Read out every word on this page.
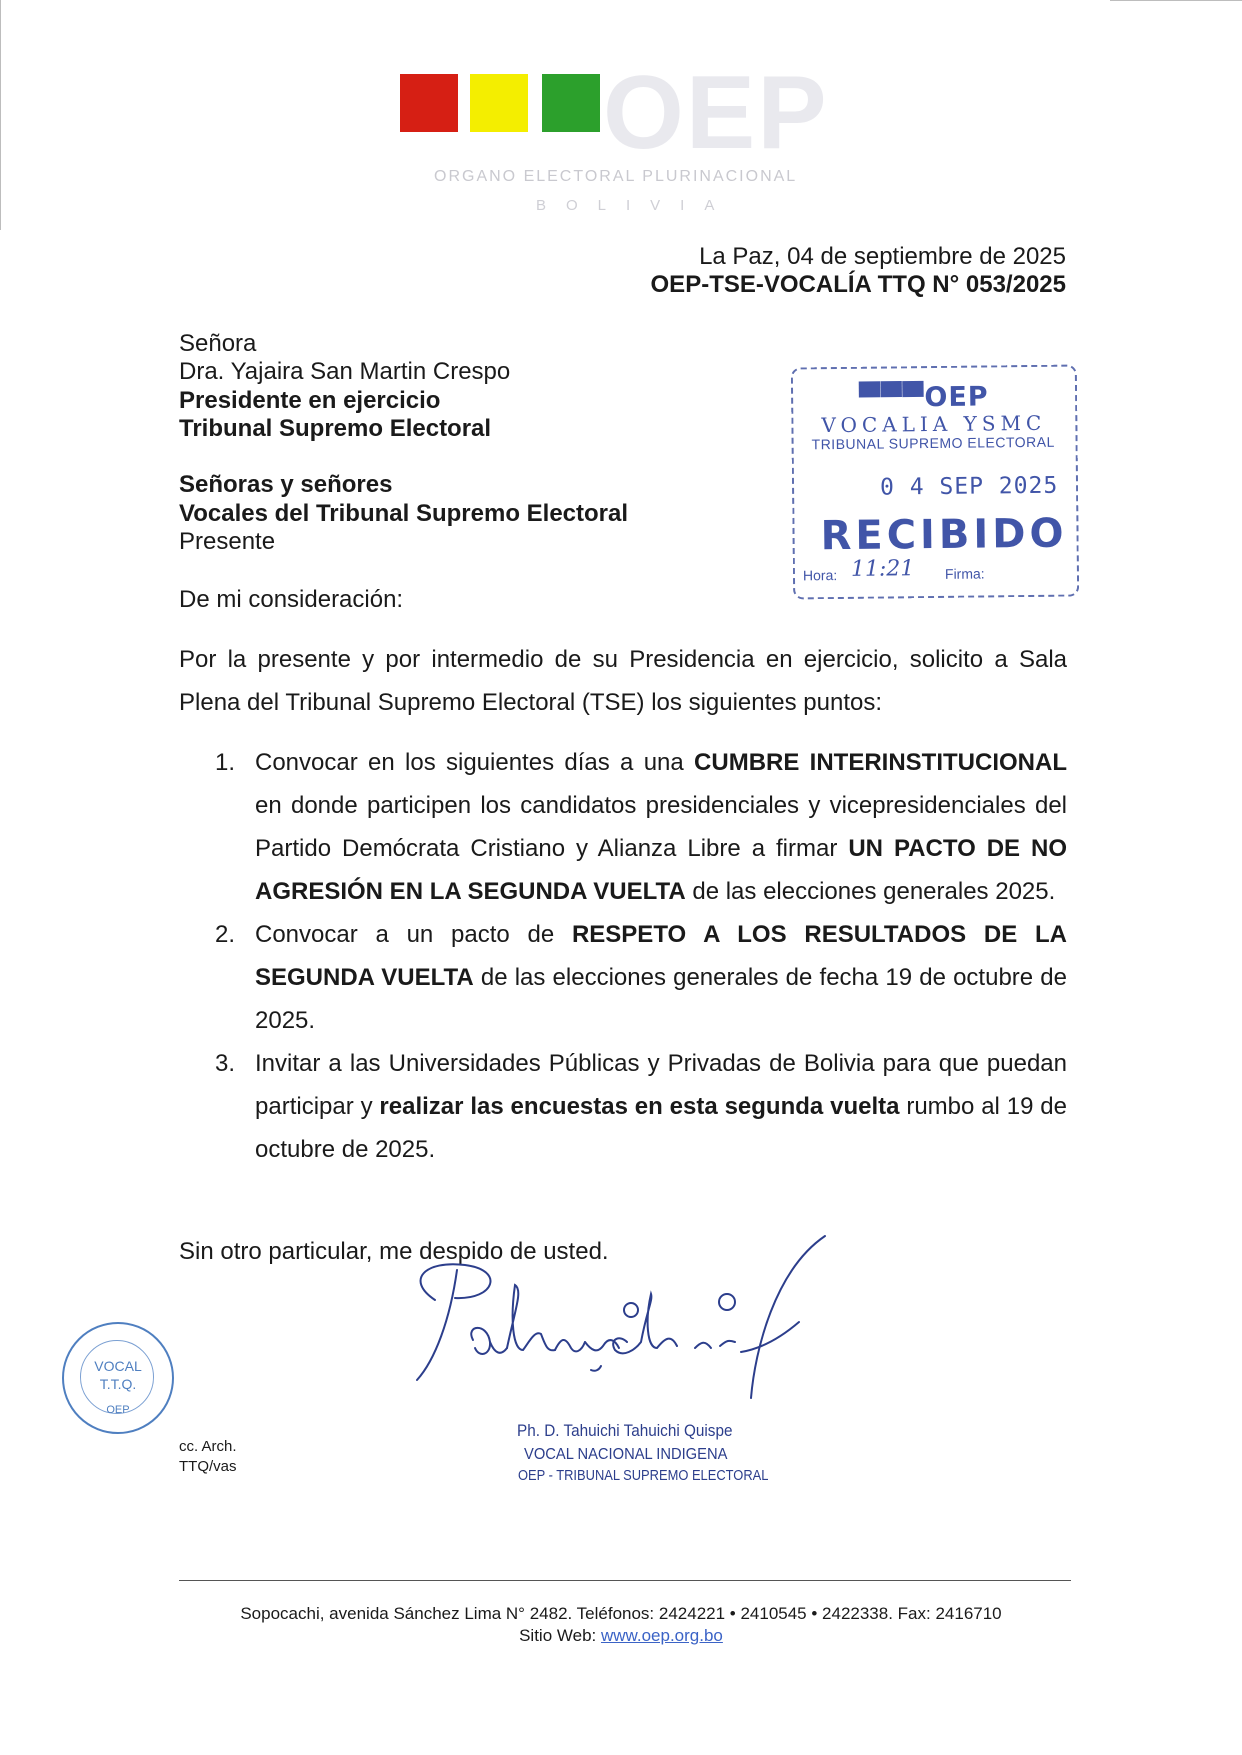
OEP
ORGANO ELECTORAL PLURINACIONAL
BOLIVIA
La Paz, 04 de septiembre de 2025
OEP-TSE-VOCALÍA TTQ N° 053/2025
Señora
Dra. Yajaira San Martin Crespo
Presidente en ejercicio
Tribunal Supremo Electoral
Señoras y señores
Vocales del Tribunal Supremo Electoral
Presente
De mi consideración:
▀▀▀OEP
VOCALIA YSMC
TRIBUNAL SUPREMO ELECTORAL
0 4 SEP 2025
RECIBIDO
Hora: 11:21 Firma:
Por la presente y por intermedio de su Presidencia en ejercicio, solicito a Sala Plena del Tribunal Supremo Electoral (TSE) los siguientes puntos:
1. Convocar en los siguientes días a una CUMBRE INTERINSTITUCIONAL en donde participen los candidatos presidenciales y vicepresidenciales del Partido Demócrata Cristiano y Alianza Libre a firmar UN PACTO DE NO AGRESIÓN EN LA SEGUNDA VUELTA de las elecciones generales 2025.
2. Convocar a un pacto de RESPETO A LOS RESULTADOS DE LA SEGUNDA VUELTA de las elecciones generales de fecha 19 de octubre de 2025.
3. Invitar a las Universidades Públicas y Privadas de Bolivia para que puedan participar y realizar las encuestas en esta segunda vuelta rumbo al 19 de octubre de 2025.
Sin otro particular, me despido de usted.
VOCAL
T.T.Q.
OEP
cc. Arch.
TTQ/vas
Ph. D. Tahuichi Tahuichi Quispe
VOCAL NACIONAL INDIGENA
OEP - TRIBUNAL SUPREMO ELECTORAL
Sopocachi, avenida Sánchez Lima N° 2482. Teléfonos: 2424221 • 2410545 • 2422338. Fax: 2416710
Sitio Web: www.oep.org.bo
